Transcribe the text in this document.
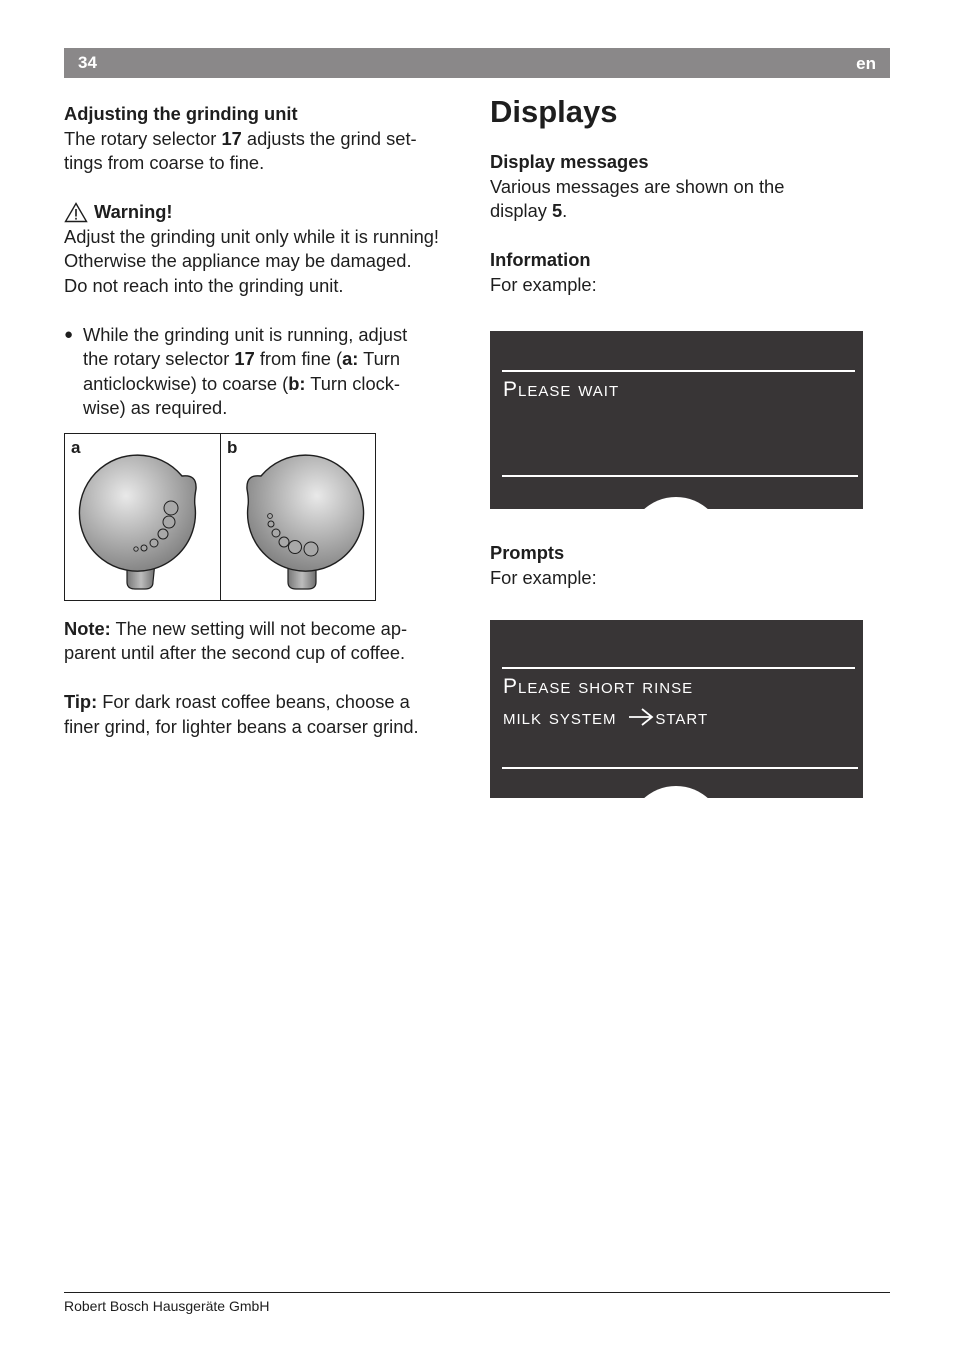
34	en

Adjusting the grinding unit

The rotary selector 17 adjusts the grind set-
tings from coarse to fine.

Warning!

Adjust the grinding unit only while it is running!
Otherwise the appliance may be damaged.
Do not reach into the grinding unit.

● While the grinding unit is running, adjust
the rotary selector 17 from fine (a: Turn
anticlockwise) to coarse (b: Turn clock-
wise) as required.

a	b

Note: The new setting will not become ap-
parent until after the second cup of coffee.

Tip: For dark roast coffee beans, choose a
finer grind, for lighter beans a coarser grind.

Displays

Display messages

Various messages are shown on the
display 5.

Information

For example:

Please wait

Prompts

For example:

Please short rinse
milk system start
Robert Bosch Hausgeräte GmbH
